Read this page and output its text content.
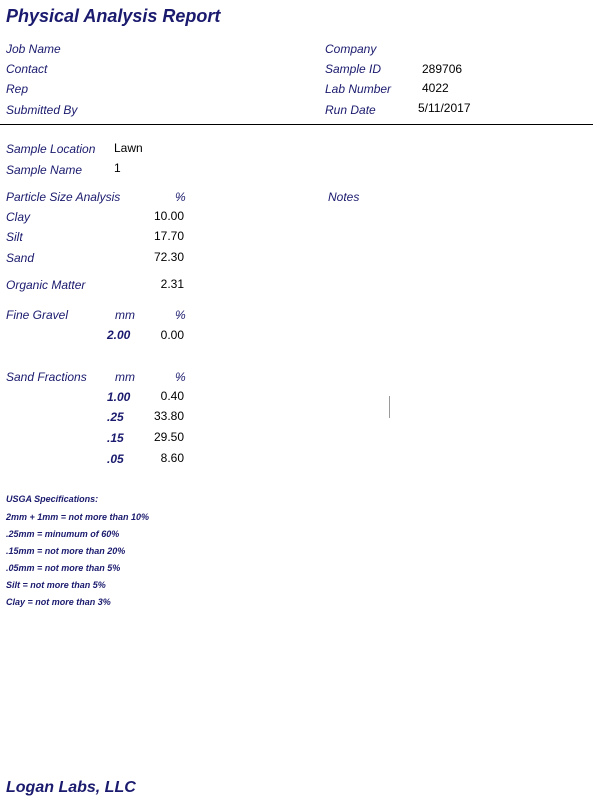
Physical Analysis Report
Job Name
Contact
Rep
Submitted By
Company
Sample ID	289706
Lab Number	4022
Run Date	5/11/2017
Sample Location Lawn
Sample Name	1
Particle Size Analysis	%	Notes
Clay	10.00
Silt	17.70
Sand	72.30
Organic Matter	2.31
Fine Gravel	mm	%
2.00	0.00
Sand Fractions mm	%
1.00	0.40
.25	33.80
.15	29.50
.05	8.60
USGA Specifications:
2mm + 1mm = not more than 10%
.25mm = minumum of 60%
.15mm = not more than 20%
.05mm = not more than 5%
Silt = not more than 5%
Clay = not more than 3%
Logan Labs, LLC
